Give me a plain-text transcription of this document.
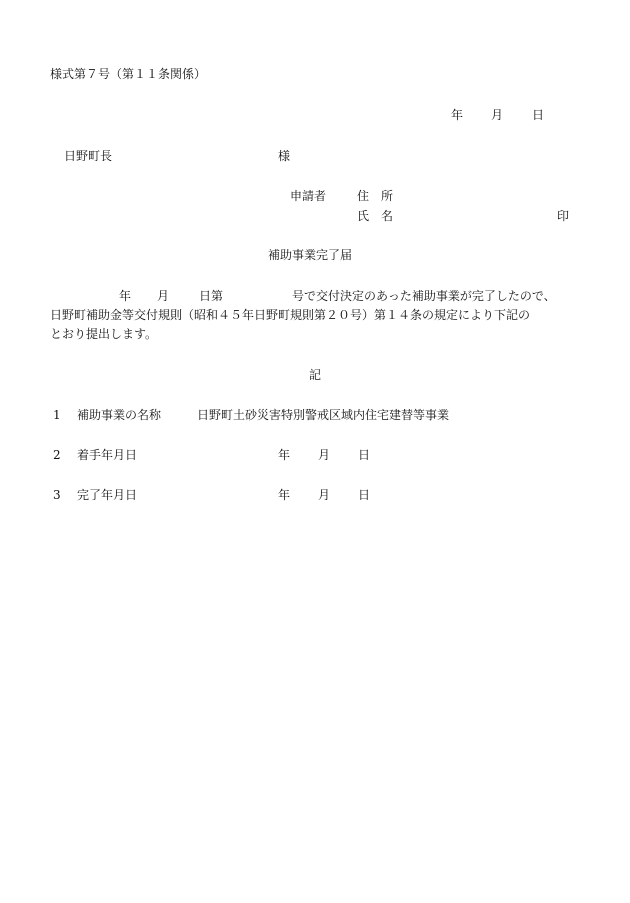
様式第７号（第１１条関係）
年 月 日
日野町長	様
申請者	住　所
氏　名	印
補助事業完了届
年 月 日第	号で交付決定のあった補助事業が完了したので、
日野町補助金等交付規則（昭和４５年日野町規則第２０号）第１４条の規定により下記の
とおり提出します。
記
1 補助事業の名称	日野町土砂災害特別警戒区域内住宅建替等事業
2 着手年月日	年 月 日
3 完了年月日	年 月 日
